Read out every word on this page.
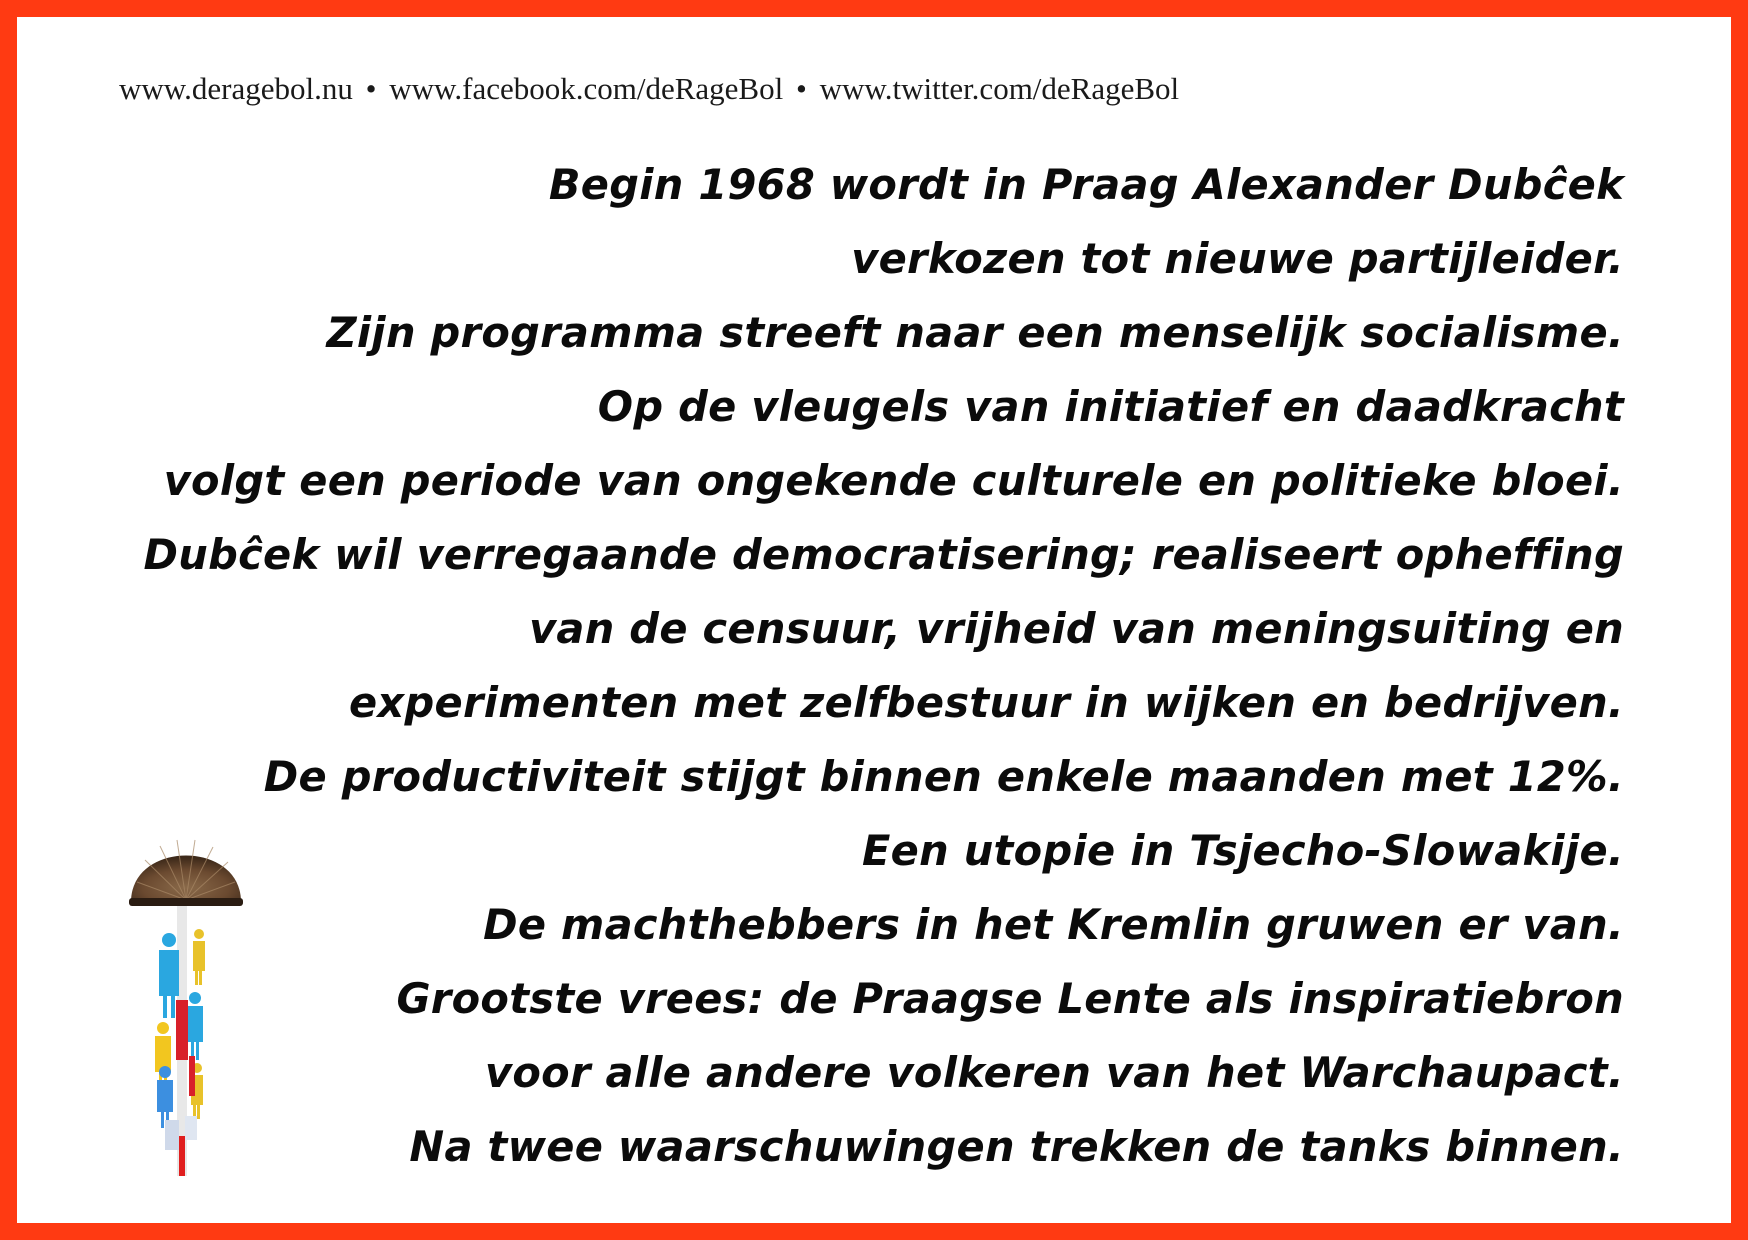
www.deragebol.nu • www.facebook.com/deRageBol • www.twitter.com/deRageBol
Begin 1968 wordt in Praag Alexander Dubĉek
verkozen tot nieuwe partijleider.
Zijn programma streeft naar een menselijk socialisme.
Op de vleugels van initiatief en daadkracht
volgt een periode van ongekende culturele en politieke bloei.
Dubĉek wil verregaande democratisering; realiseert opheffing
van de censuur, vrijheid van meningsuiting en
experimenten met zelfbestuur in wijken en bedrijven.
De productiviteit stijgt binnen enkele maanden met 12%.
Een utopie in Tsjecho-Slowakije.
De machthebbers in het Kremlin gruwen er van.
Grootste vrees: de Praagse Lente als inspiratiebron
voor alle andere volkeren van het Warchaupact.
Na twee waarschuwingen trekken de tanks binnen.
